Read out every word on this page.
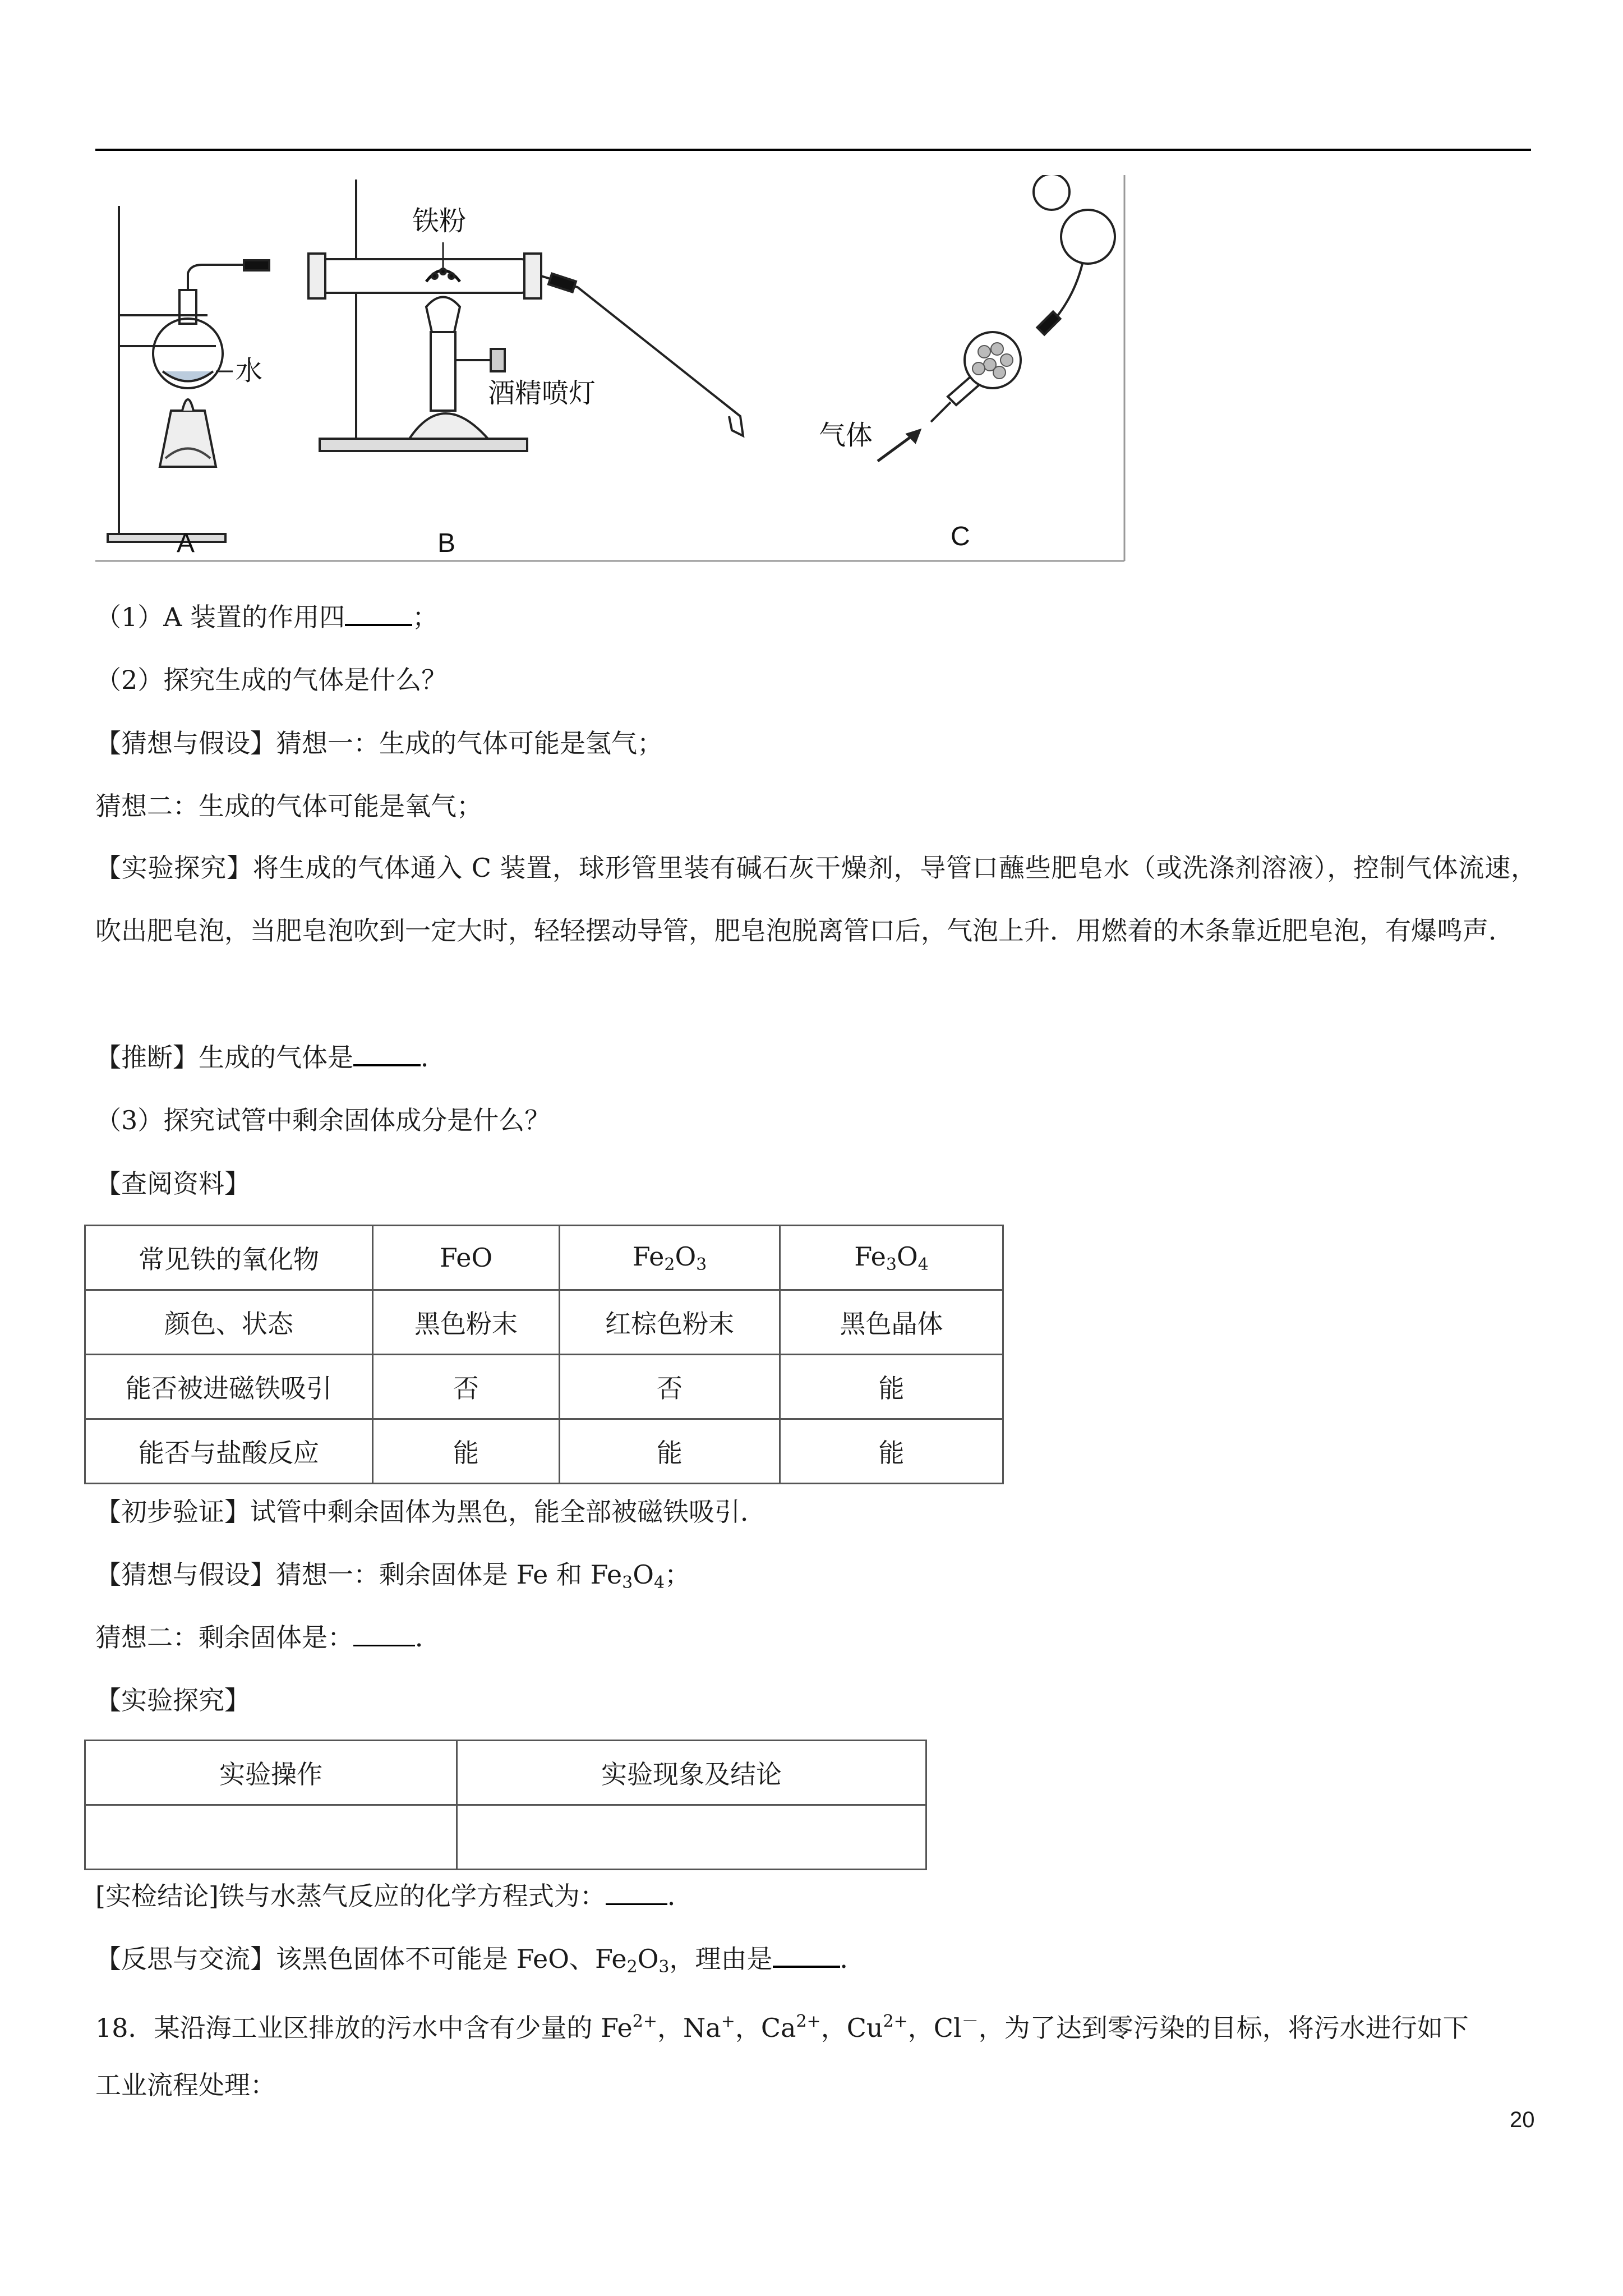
铁粉
水
酒精喷灯
气体
A	B	C
（1）A 装置的作用四	；
（2）探究生成的气体是什么？
【猜想与假设】猜想一：生成的气体可能是氢气；
猜想二：生成的气体可能是氧气；
【实验探究】将生成的气体通入 C 装置，球形管里装有碱石灰干燥剂，导管口蘸些肥皂水（或洗涤剂溶液），控制气体流速，吹出肥皂泡，当肥皂泡吹到一定大时，轻轻摆动导管，肥皂泡脱离管口后，气泡上升．用燃着的木条靠近肥皂泡，有爆鸣声．
【推断】生成的气体是	．
（3）探究试管中剩余固体成分是什么？
【查阅资料】
常见铁的氧化物	FeO	$Fe_2O_3$	$Fe_3O_4$
颜色、状态	黑色粉末	红棕色粉末	黑色晶体
能否被进磁铁吸引	否	否	能
能否与盐酸反应	能	能	能
【初步验证】试管中剩余固体为黑色，能全部被磁铁吸引．
【猜想与假设】猜想一：剩余固体是 Fe 和 $Fe_3O_4$；
猜想二：剩余固体是： ．
【实验探究】
实验操作	实验现象及结论

[实检结论]铁与水蒸气反应的化学方程式为： ．
【反思与交流】该黑色固体不可能是 FeO、$Fe_2O_3$，理由是	．
18．某沿海工业区排放的污水中含有少量的 $Fe^{2+}$，Na+，$Ca^{2+}$，$Cu^{2+}$，Cl－，为了达到零污染的目标，将污水进行如下
工业流程处理：
20
